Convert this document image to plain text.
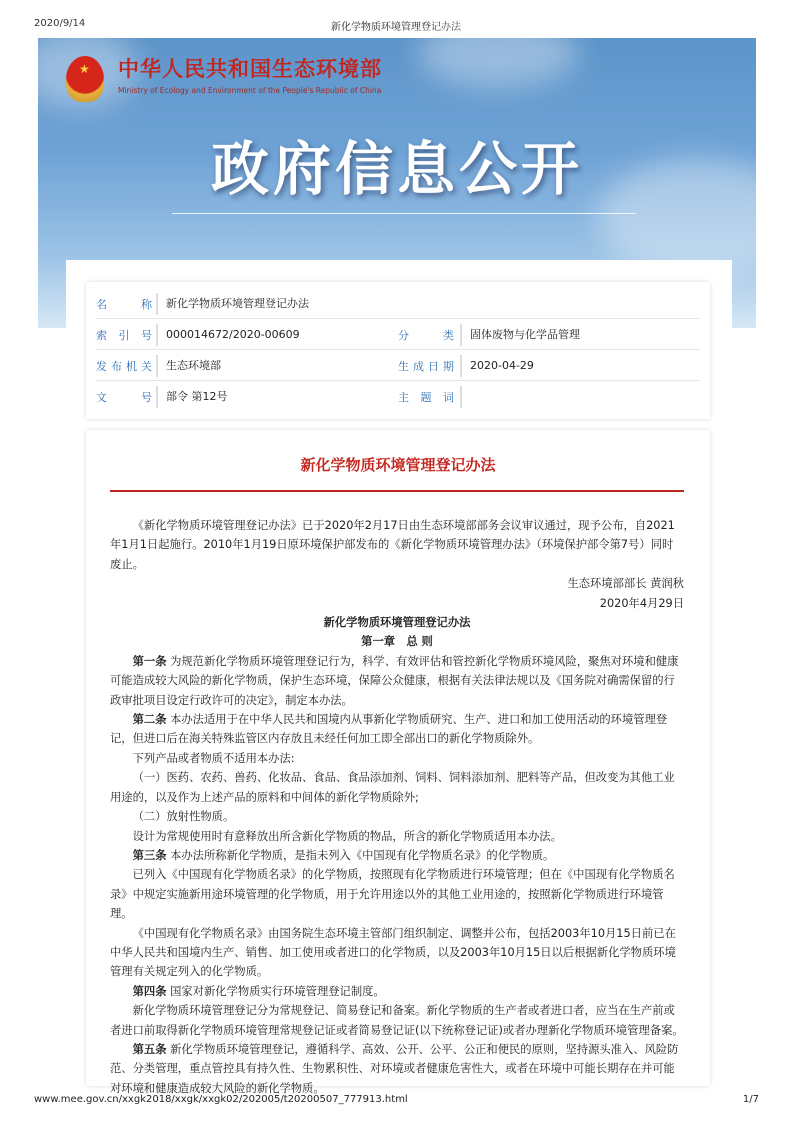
2020/9/14	新化学物质环境管理登记办法
★ 中华人民共和国生态环境部
Ministry of Ecology and Environment of the People's Republic of China
政府信息公开
名称	新化学物质环境管理登记办法
索引号	000014672/2020-00609	分类	固体废物与化学品管理
发布机关	生态环境部	生成日期	2020-04-29
文号	部令 第12号	主题词
新化学物质环境管理登记办法

《新化学物质环境管理登记办法》已于2020年2月17日由生态环境部部务会议审议通过，现予公布，自2021年1月1日起施行。2010年1月19日原环境保护部发布的《新化学物质环境管理办法》（环境保护部令第7号）同时废止。

生态环境部部长 黄润秋

2020年4月29日

新化学物质环境管理登记办法

第一章　总 则

第一条 为规范新化学物质环境管理登记行为，科学、有效评估和管控新化学物质环境风险，聚焦对环境和健康可能造成较大风险的新化学物质，保护生态环境，保障公众健康，根据有关法律法规以及《国务院对确需保留的行政审批项目设定行政许可的决定》，制定本办法。

第二条 本办法适用于在中华人民共和国境内从事新化学物质研究、生产、进口和加工使用活动的环境管理登记，但进口后在海关特殊监管区内存放且未经任何加工即全部出口的新化学物质除外。

下列产品或者物质不适用本办法:

（一）医药、农药、兽药、化妆品、食品、食品添加剂、饲料、饲料添加剂、肥料等产品，但改变为其他工业用途的，以及作为上述产品的原料和中间体的新化学物质除外;

（二）放射性物质。

设计为常规使用时有意释放出所含新化学物质的物品，所含的新化学物质适用本办法。

第三条 本办法所称新化学物质，是指未列入《中国现有化学物质名录》的化学物质。

已列入《中国现有化学物质名录》的化学物质，按照现有化学物质进行环境管理；但在《中国现有化学物质名录》中规定实施新用途环境管理的化学物质，用于允许用途以外的其他工业用途的，按照新化学物质进行环境管理。

《中国现有化学物质名录》由国务院生态环境主管部门组织制定、调整并公布，包括2003年10月15日前已在中华人民共和国境内生产、销售、加工使用或者进口的化学物质，以及2003年10月15日以后根据新化学物质环境管理有关规定列入的化学物质。

第四条 国家对新化学物质实行环境管理登记制度。

新化学物质环境管理登记分为常规登记、简易登记和备案。新化学物质的生产者或者进口者，应当在生产前或者进口前取得新化学物质环境管理常规登记证或者简易登记证(以下统称登记证)或者办理新化学物质环境管理备案。

第五条 新化学物质环境管理登记，遵循科学、高效、公开、公平、公正和便民的原则，坚持源头准入、风险防范、分类管理，重点管控具有持久性、生物累积性、对环境或者健康危害性大，或者在环境中可能长期存在并可能对环境和健康造成较大风险的新化学物质。

www.mee.gov.cn/xxgk2018/xxgk/xxgk02/202005/t20200507_777913.html	1/7
